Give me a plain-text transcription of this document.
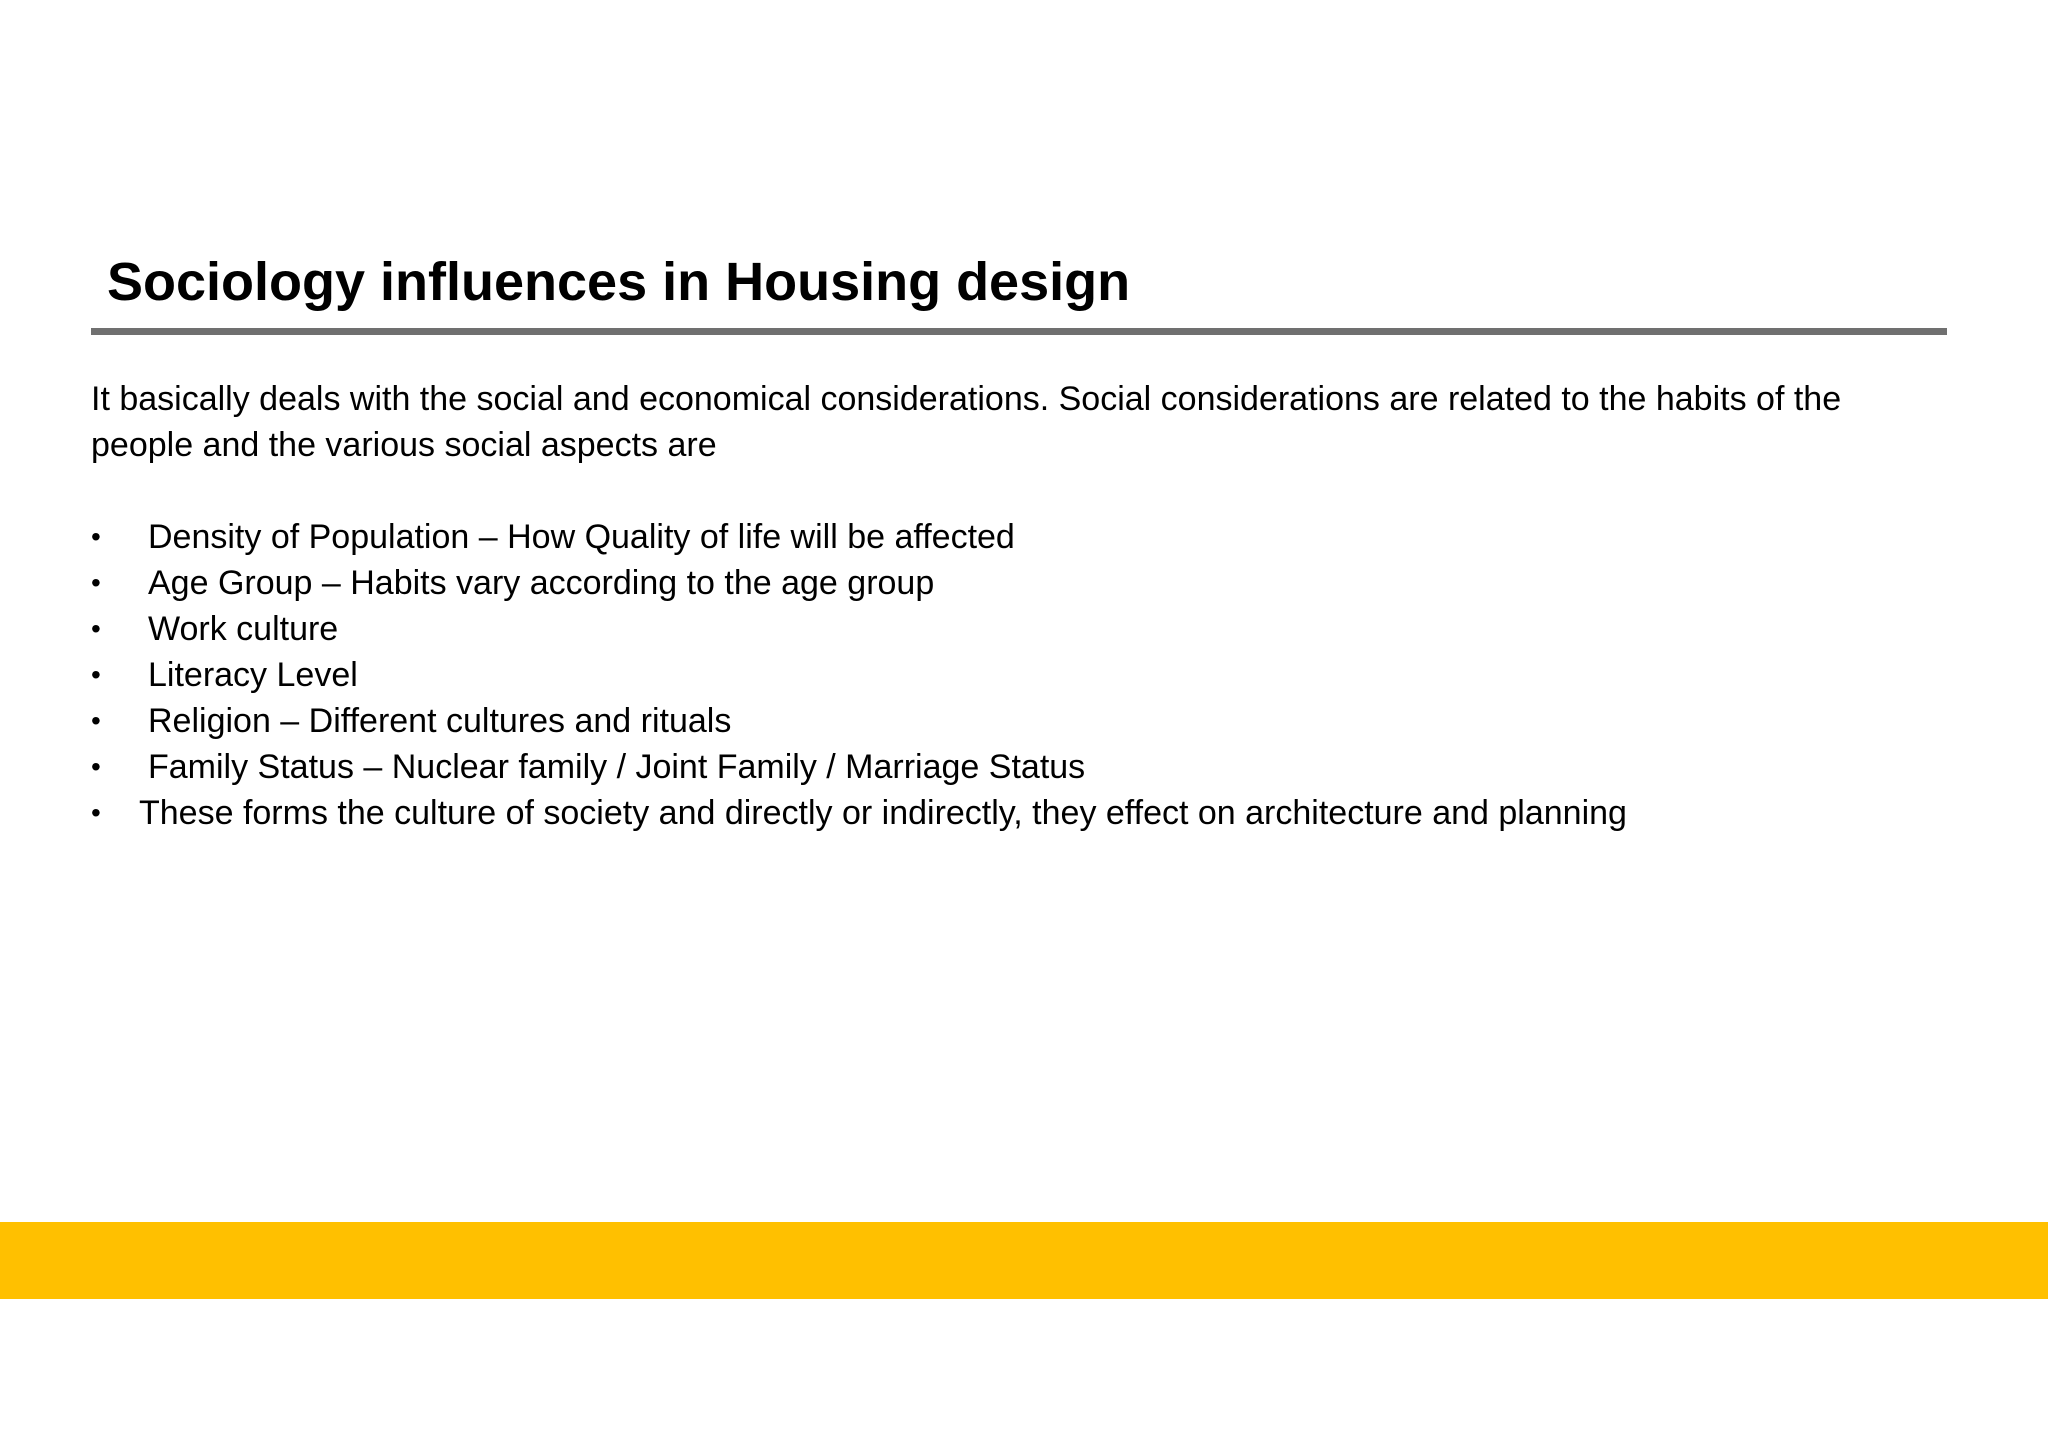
Sociology influences in Housing design

It basically deals with the social and economical considerations. Social considerations are related to the habits of the people and the various social aspects are

• Density of Population – How Quality of life will be affected
• Age Group – Habits vary according to the age group
• Work culture
• Literacy Level
• Religion – Different cultures and rituals
• Family Status – Nuclear family / Joint Family / Marriage Status
• These forms the culture of society and directly or indirectly, they effect on architecture and planning
